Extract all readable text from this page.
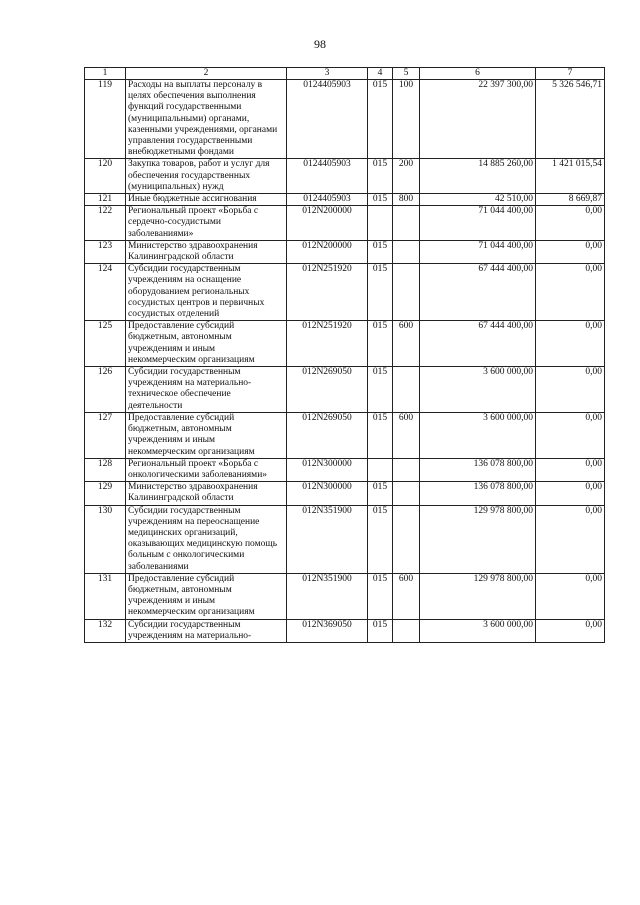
98
1	2	3	4	5	6	7
119	Расходы на выплаты персоналу в целях обеспечения выполнения функций государственными (муниципальными) органами, казенными учреждениями, органами управления государственными внебюджетными фондами	0124405903	015	100	22 397 300,00	5 326 546,71
120	Закупка товаров, работ и услуг для обеспечения государственных (муниципальных) нужд	0124405903	015	200	14 885 260,00	1 421 015,54
121	Иные бюджетные ассигнования	0124405903	015	800	42 510,00	8 669,87
122	Региональный проект «Борьба с сердечно-сосудистыми заболеваниями»	012N200000			71 044 400,00	0,00
123	Министерство здравоохранения Калининградской области	012N200000	015		71 044 400,00	0,00
124	Субсидии государственным учреждениям на оснащение оборудованием региональных сосудистых центров и первичных сосудистых отделений	012N251920	015		67 444 400,00	0,00
125	Предоставление субсидий бюджетным, автономным учреждениям и иным некоммерческим организациям	012N251920	015	600	67 444 400,00	0,00
126	Субсидии государственным учреждениям на материально-техническое обеспечение деятельности	012N269050	015		3 600 000,00	0,00
127	Предоставление субсидий бюджетным, автономным учреждениям и иным некоммерческим организациям	012N269050	015	600	3 600 000,00	0,00
128	Региональный проект «Борьба с онкологическими заболеваниями»	012N300000			136 078 800,00	0,00
129	Министерство здравоохранения Калининградской области	012N300000	015		136 078 800,00	0,00
130	Субсидии государственным учреждениям на переоснащение медицинских организаций, оказывающих медицинскую помощь больным с онкологическими заболеваниями	012N351900	015		129 978 800,00	0,00
131	Предоставление субсидий бюджетным, автономным учреждениям и иным некоммерческим организациям	012N351900	015	600	129 978 800,00	0,00
132	Субсидии государственным учреждениям на материально-	012N369050	015		3 600 000,00	0,00
